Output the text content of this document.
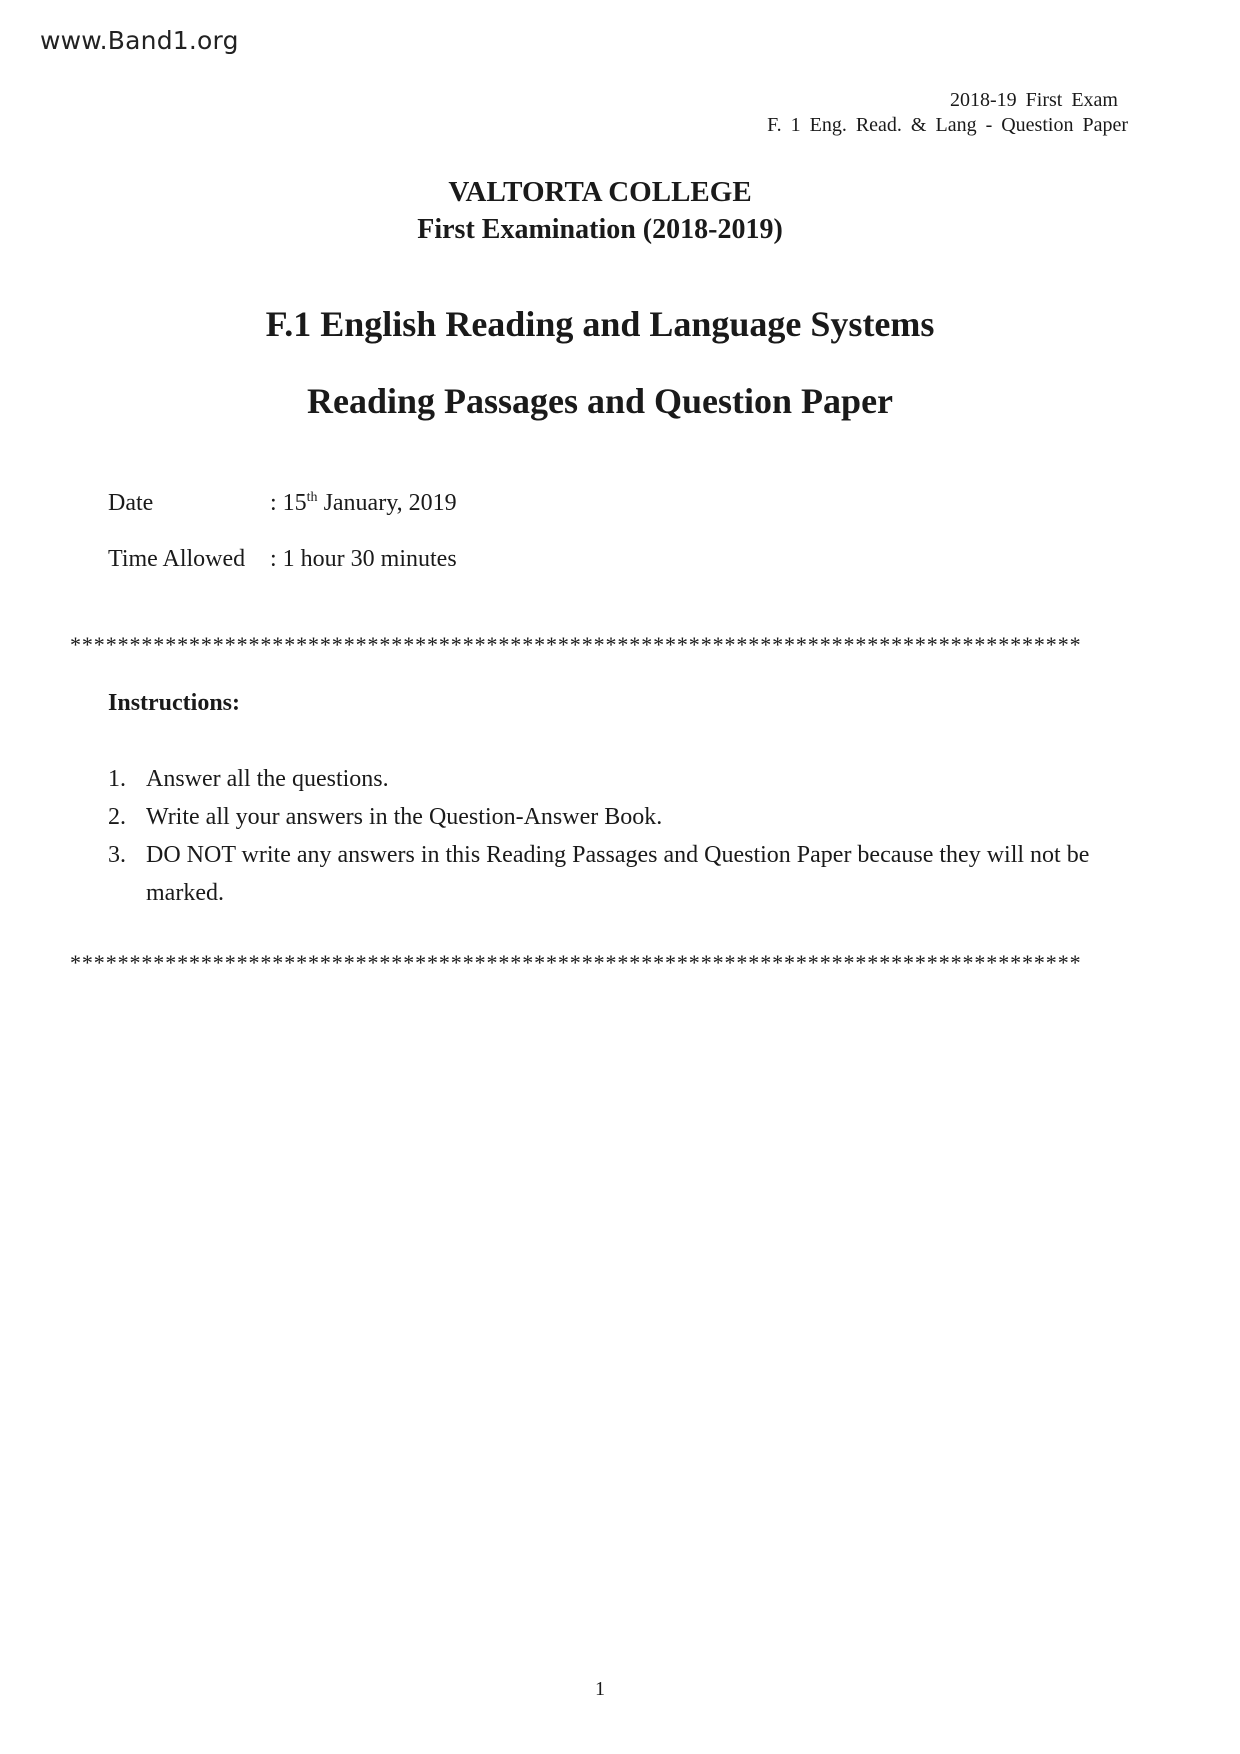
www.Band1.org
2018-19 First Exam
F. 1 Eng. Read. & Lang - Question Paper
VALTORTA COLLEGE
First Examination (2018-2019)
F.1 English Reading and Language Systems
Reading Passages and Question Paper
Date	: 15th January, 2019
Time Allowed : 1 hour 30 minutes
*************************************************************************************
Instructions:
1. Answer all the questions.
2. Write all your answers in the Question-Answer Book.
3. DO NOT write any answers in this Reading Passages and Question Paper because they will not be marked.
*************************************************************************************
1
